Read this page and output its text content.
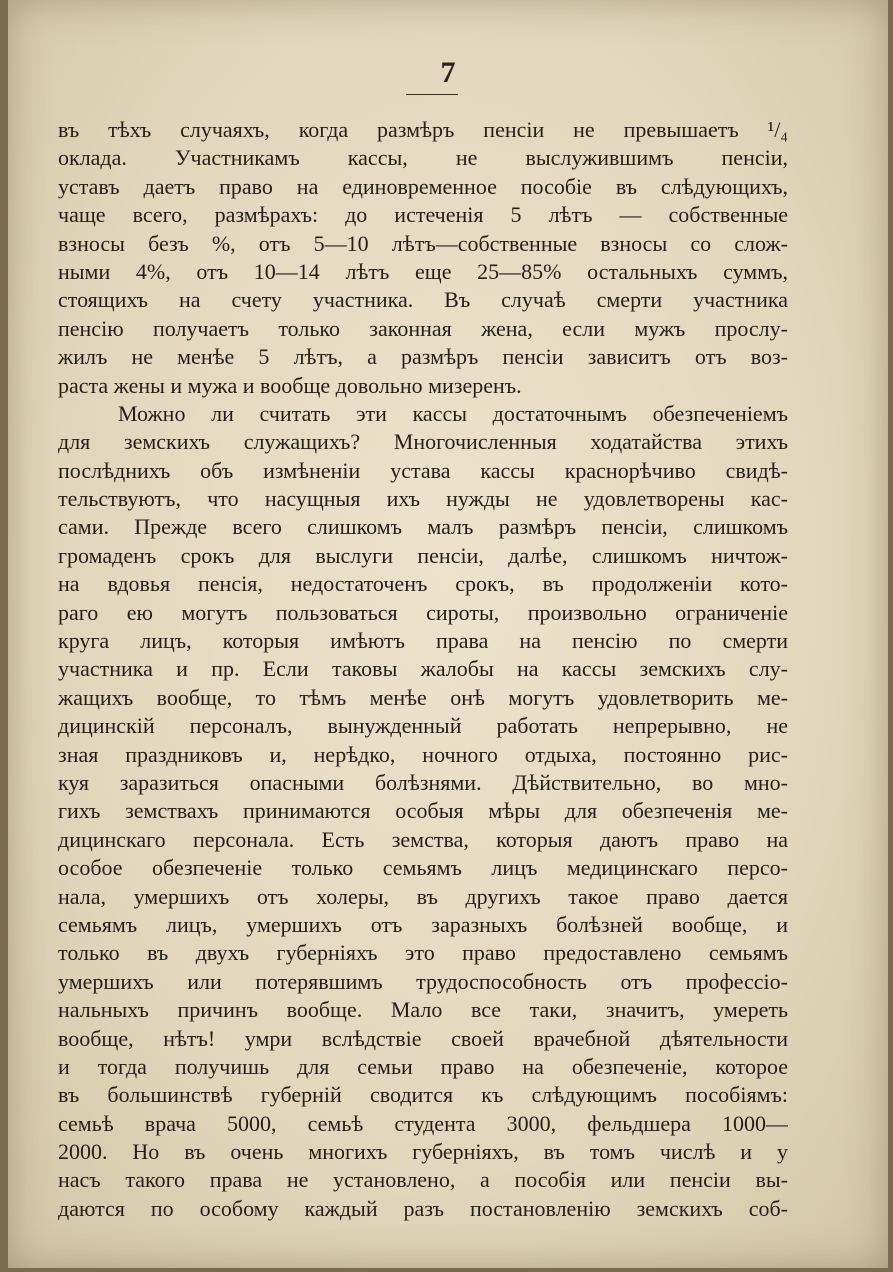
7
въ тѣхъ случаяхъ, когда размѣръ пенсіи не превышаетъ ¹/₄
оклада. Участникамъ кассы, не выслужившимъ пенсіи,
уставъ даетъ право на единовременное пособіе въ слѣдующихъ,
чаще всего, размѣрахъ: до истеченія 5 лѣтъ — собственные
взносы безъ %, отъ 5—10 лѣтъ—собственные взносы со слож-
ными 4%, отъ 10—14 лѣтъ еще 25—85% остальныхъ суммъ,
стоящихъ на счету участника. Въ случаѣ смерти участника
пенсію получаетъ только законная жена, если мужъ прослу-
жилъ не менѣе 5 лѣтъ, а размѣръ пенсіи зависитъ отъ воз-
раста жены и мужа и вообще довольно мизеренъ.
Можно ли считать эти кассы достаточнымъ обезпеченіемъ
для земскихъ служащихъ? Многочисленныя ходатайства этихъ
послѣднихъ объ измѣненіи устава кассы краснорѣчиво свидѣ-
тельствуютъ, что насущныя ихъ нужды не удовлетворены кас-
сами. Прежде всего слишкомъ малъ размѣръ пенсіи, слишкомъ
громаденъ срокъ для выслуги пенсіи, далѣе, слишкомъ ничтож-
на вдовья пенсія, недостаточенъ срокъ, въ продолженіи кото-
раго ею могутъ пользоваться сироты, произвольно ограниченіе
круга лицъ, которыя имѣютъ права на пенсію по смерти
участника и пр. Если таковы жалобы на кассы земскихъ слу-
жащихъ вообще, то тѣмъ менѣе онѣ могутъ удовлетворить ме-
дицинскій персоналъ, вынужденный работать непрерывно, не
зная праздниковъ и, нерѣдко, ночного отдыха, постоянно рис-
куя заразиться опасными болѣзнями. Дѣйствительно, во мно-
гихъ земствахъ принимаются особыя мѣры для обезпеченія ме-
дицинскаго персонала. Есть земства, которыя даютъ право на
особое обезпеченіе только семьямъ лицъ медицинскаго персо-
нала, умершихъ отъ холеры, въ другихъ такое право дается
семьямъ лицъ, умершихъ отъ заразныхъ болѣзней вообще, и
только въ двухъ губерніяхъ это право предоставлено семьямъ
умершихъ или потерявшимъ трудоспособность отъ профессіо-
нальныхъ причинъ вообще. Мало все таки, значитъ, умереть
вообще, нѣтъ! умри вслѣдствіе своей врачебной дѣятельности
и тогда получишь для семьи право на обезпеченіе, которое
въ большинствѣ губерній сводится къ слѣдующимъ пособіямъ:
семьѣ врача 5000, семьѣ студента 3000, фельдшера 1000—
2000. Но въ очень многихъ губерніяхъ, въ томъ числѣ и у
насъ такого права не установлено, а пособія или пенсіи вы-
даются по особому каждый разъ постановленію земскихъ соб-
